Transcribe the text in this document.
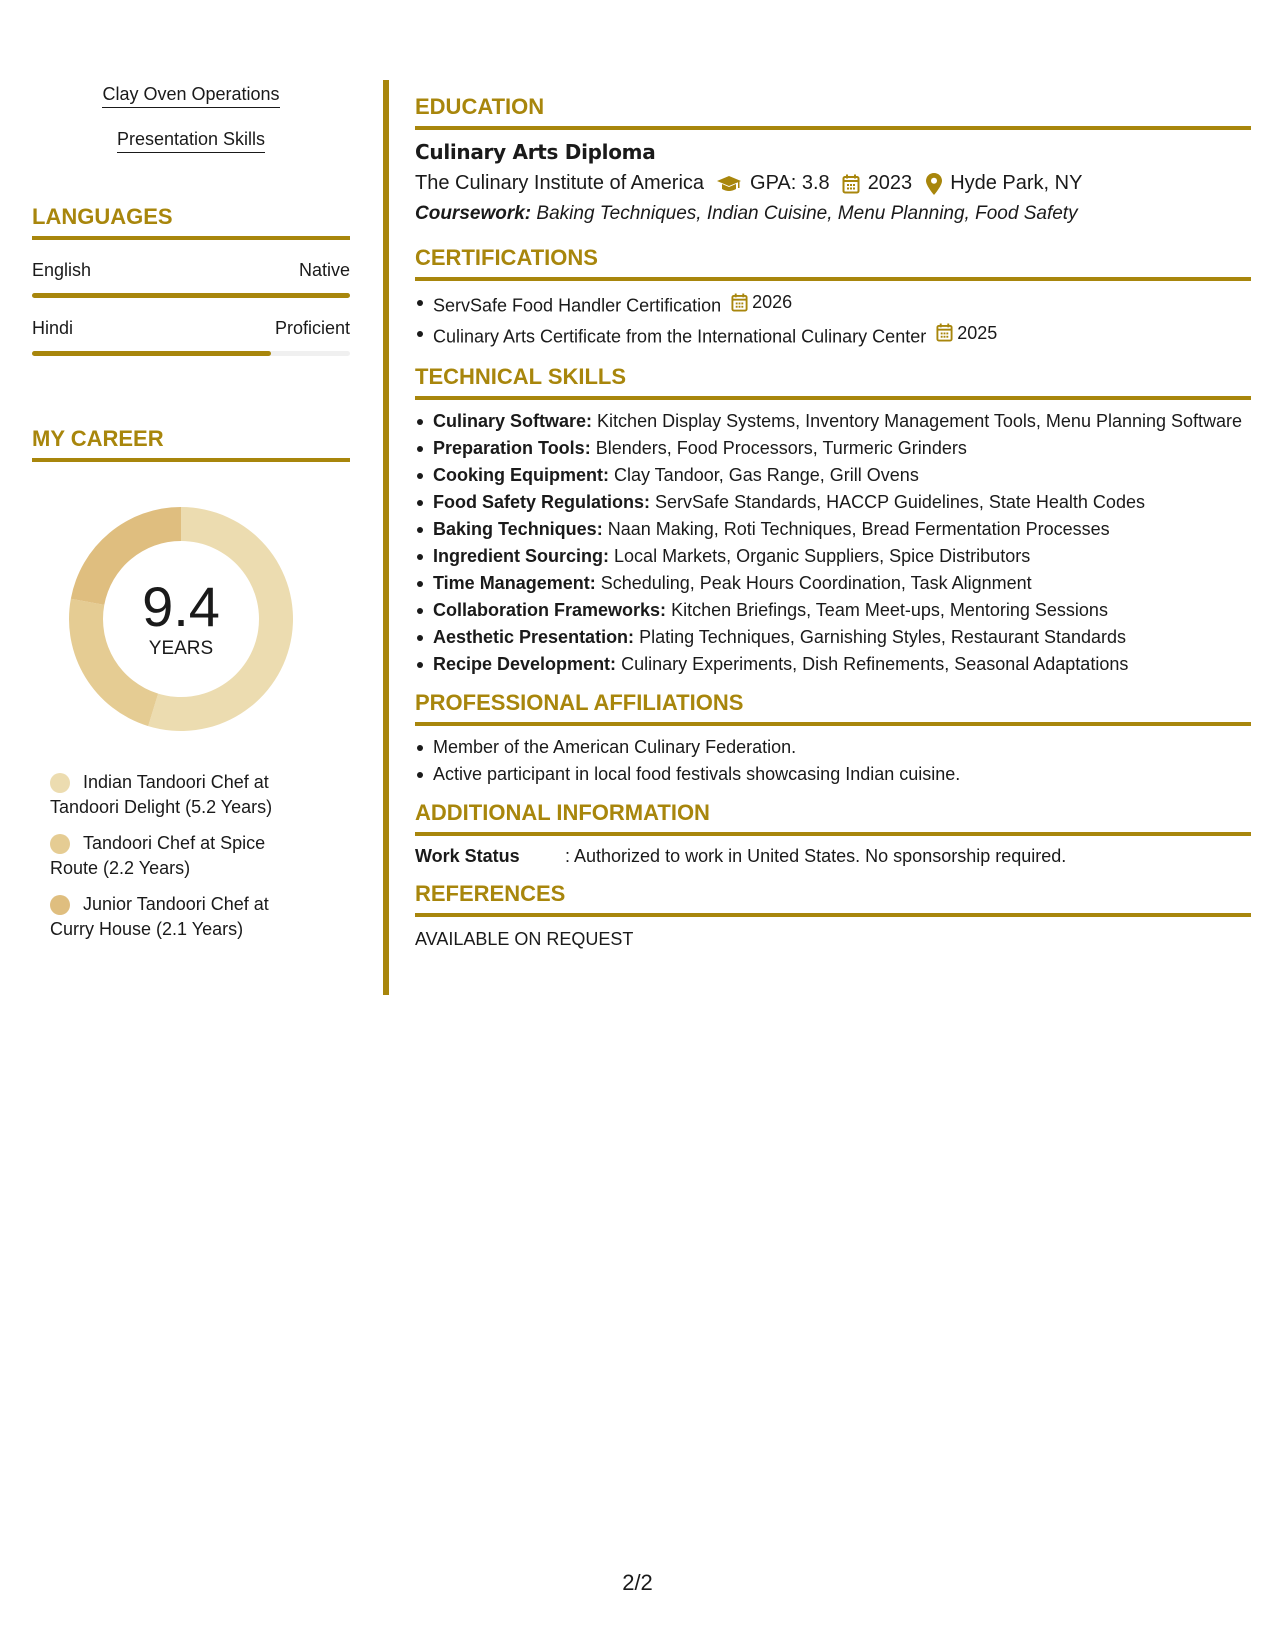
Clay Oven Operations
Presentation Skills
LANGUAGES
English	Native
Hindi	Proficient
MY CAREER
9.4
YEARS
Indian Tandoori Chef at Tandoori Delight (5.2 Years)
Tandoori Chef at Spice Route (2.2 Years)
Junior Tandoori Chef at Curry House (2.1 Years)
EDUCATION
Culinary Arts Diploma
The Culinary Institute of America GPA: 3.8 2023 Hyde Park, NY
Coursework: Baking Techniques, Indian Cuisine, Menu Planning, Food Safety
CERTIFICATIONS
ServSafe Food Handler Certification 2026
Culinary Arts Certificate from the International Culinary Center 2025
TECHNICAL SKILLS
Culinary Software: Kitchen Display Systems, Inventory Management Tools, Menu Planning Software
Preparation Tools: Blenders, Food Processors, Turmeric Grinders
Cooking Equipment: Clay Tandoor, Gas Range, Grill Ovens
Food Safety Regulations: ServSafe Standards, HACCP Guidelines, State Health Codes
Baking Techniques: Naan Making, Roti Techniques, Bread Fermentation Processes
Ingredient Sourcing: Local Markets, Organic Suppliers, Spice Distributors
Time Management: Scheduling, Peak Hours Coordination, Task Alignment
Collaboration Frameworks: Kitchen Briefings, Team Meet-ups, Mentoring Sessions
Aesthetic Presentation: Plating Techniques, Garnishing Styles, Restaurant Standards
Recipe Development: Culinary Experiments, Dish Refinements, Seasonal Adaptations
PROFESSIONAL AFFILIATIONS
Member of the American Culinary Federation.
Active participant in local food festivals showcasing Indian cuisine.
ADDITIONAL INFORMATION
Work Status	: Authorized to work in United States. No sponsorship required.
REFERENCES
AVAILABLE ON REQUEST
2/2
